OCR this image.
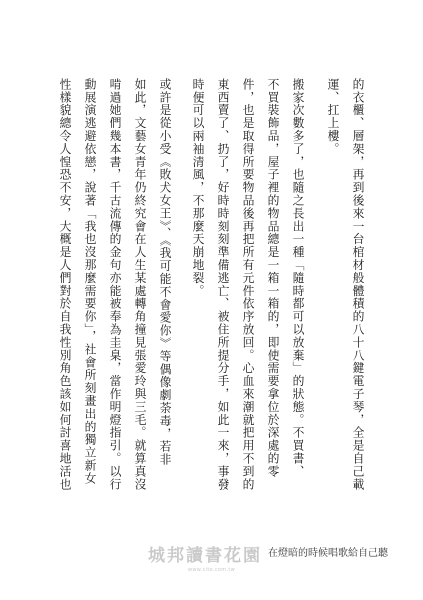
的衣櫃、層架，再到後來一台棺材般體積的八十八鍵電子琴，全是自己載
運、扛上樓。
搬家次數多了，也隨之長出一種「隨時都可以放棄」的狀態。不買書、
不買裝飾品，屋子裡的物品總是一箱一箱的，即使需要拿位於深處的零
件，也是取得所要物品後再把所有元件依序放回。心血來潮就把用不到的
東西賣了、扔了，好時時刻刻準備逃亡、被住所提分手，如此一來，事發
時便可以兩袖清風，不那麼天崩地裂。
或許是從小受《敗犬女王》、《我可能不會愛你》等偶像劇荼毒，若非
如此，文藝女青年仍終究會在人生某處轉角撞見張愛玲與三毛。就算真沒
啃過她們幾本書，千古流傳的金句亦能被奉為圭臬，當作明燈指引。以行
動展演逃避依戀，說著「我也沒那麼需要你」，社會所刻畫出的獨立新女
性樣貌總令人惶恐不安，大概是人們對於自我性別角色該如何討喜地活也
城邦讀書花園
www.cite.com.tw
在燈暗的時候唱歌給自己聽
